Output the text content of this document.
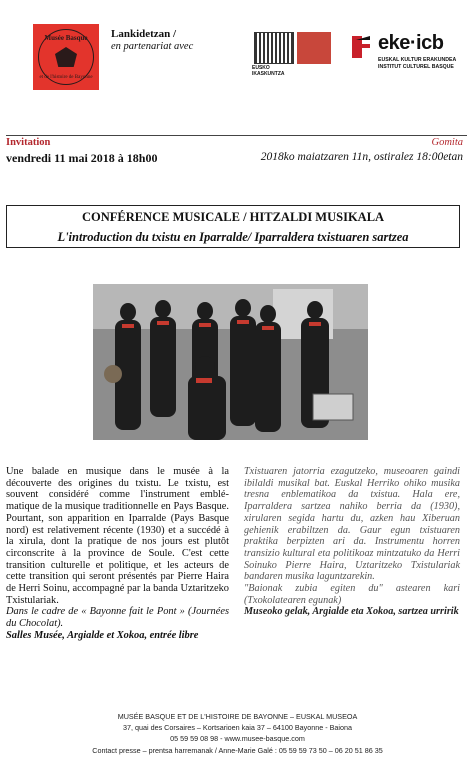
Musée Basque
et de l'histoire de Bayonne
Lankidetzan /
en partenariat avec
EUSKO IKASKUNTZA
eke·icb
EUSKAL KULTUR ERAKUNDEA
INSTITUT CULTUREL BASQUE
Invitation	Gomita
vendredi 11 mai 2018 à 18h00	2018ko maiatzaren 11n, ostiralez 18:00etan
CONFÉRENCE MUSICALE / HITZALDI MUSIKALA
L'introduction du txistu en Iparralde/ Iparraldera txistuaren sartzea

Une balade en musique dans le musée à la découverte des origines du txistu. Le txistu, est souvent considéré comme l'instrument emblé-matique de la musique traditionnelle en Pays Basque. Pourtant, son apparition en Iparralde (Pays Basque nord) est relativement récente (1930) et a succédé à la xirula, dont la pratique de nos jours est plutôt circonscrite à la province de Soule. C'est cette transition culturelle et politique, et les acteurs de cette transition qui seront présentés par Pierre Haira de Herri Soinu, accompagné par la banda Uztaritzeko Txistulariak.

Dans le cadre de « Bayonne fait le Pont » (Journées du Chocolat).

Salles Musée, Argialde et Xokoa, entrée libre

Txistuaren jatorria ezagutzeko, museoaren gaindi ibilaldi musikal bat. Euskal Herriko ohiko musika tresna enblematikoa da txistua. Hala ere, Iparraldera sartzea nahiko berria da (1930), xirularen segida hartu du, azken hau Xiberuan gehienik erabiltzen da. Gaur egun txistuaren praktika berpizten ari da. Instrumentu horren transizio kultural eta politikoaz mintzatuko da Herri Soinuko Pierre Haira, Uztaritzeko Txistulariak bandaren musika laguntzarekin.

"Baionak zubia egiten du" astearen kari (Txokolatearen egunak)

Museoko gelak, Argialde eta Xokoa, sartzea urririk

MUSÉE BASQUE ET DE L'HISTOIRE DE BAYONNE – EUSKAL MUSEOA
37, quai des Corsaires – Kortsarioen kaia 37 – 64100 Bayonne - Baiona
05 59 59 08 98 - www.musee-basque.com
Contact presse – prentsa harremanak / Anne-Marie Galé : 05 59 59 73 50 – 06 20 51 86 35
